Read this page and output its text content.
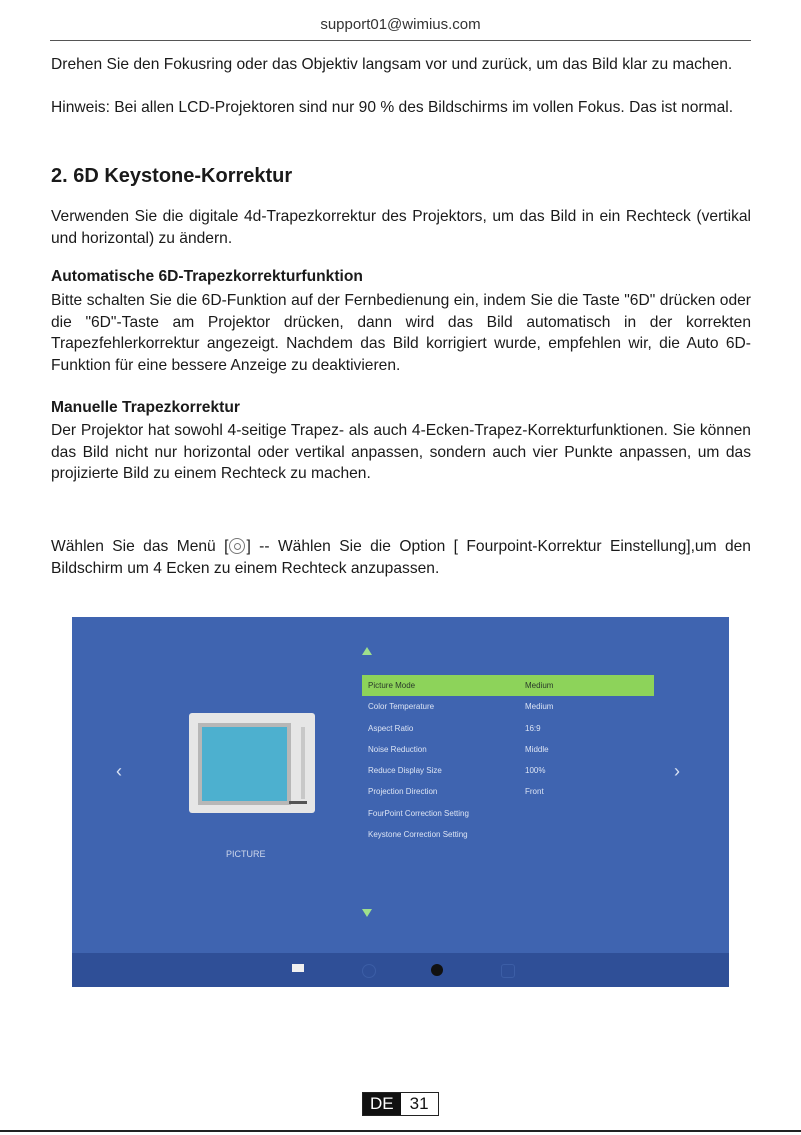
support01@wimius.com

Drehen Sie den Fokusring oder das Objektiv langsam vor und zurück, um das Bild klar zu machen.

Hinweis: Bei allen LCD-Projektoren sind nur 90 % des Bildschirms im vollen Fokus. Das ist normal.

2. 6D Keystone-Korrektur

Verwenden Sie die digitale 4d-Trapezkorrektur des Projektors, um das Bild in ein Rechteck (vertikal und horizontal) zu ändern.

Automatische 6D-Trapezkorrekturfunktion

Bitte schalten Sie die 6D-Funktion auf der Fernbedienung ein, indem Sie die Taste "6D" drücken oder die "6D"-Taste am Projektor drücken, dann wird das Bild automatisch in der korrekten Trapezfehlerkorrektur angezeigt. Nachdem das Bild korrigiert wurde, empfehlen wir, die Auto 6D-Funktion für eine bessere Anzeige zu deaktivieren.

Manuelle Trapezkorrektur

Der Projektor hat sowohl 4-seitige Trapez- als auch 4-Ecken-Trapez-Korrekturfunktionen. Sie können das Bild nicht nur horizontal oder vertikal anpassen, sondern auch vier Punkte anpassen, um das projizierte Bild zu einem Rechteck zu machen.

Wählen Sie das Menü [ ] -- Wählen Sie die Option [ Fourpoint-Korrektur Einstellung],um den Bildschirm um 4 Ecken zu einem Rechteck anzupassen.

‹	›
PICTURE
Picture Mode	Medium
Color Temperature	Medium
Aspect Ratio	16:9
Noise Reduction	Middle
Reduce Display Size	100%
Projection Direction	Front
FourPoint Correction Setting
Keystone Correction Setting
DE 31
